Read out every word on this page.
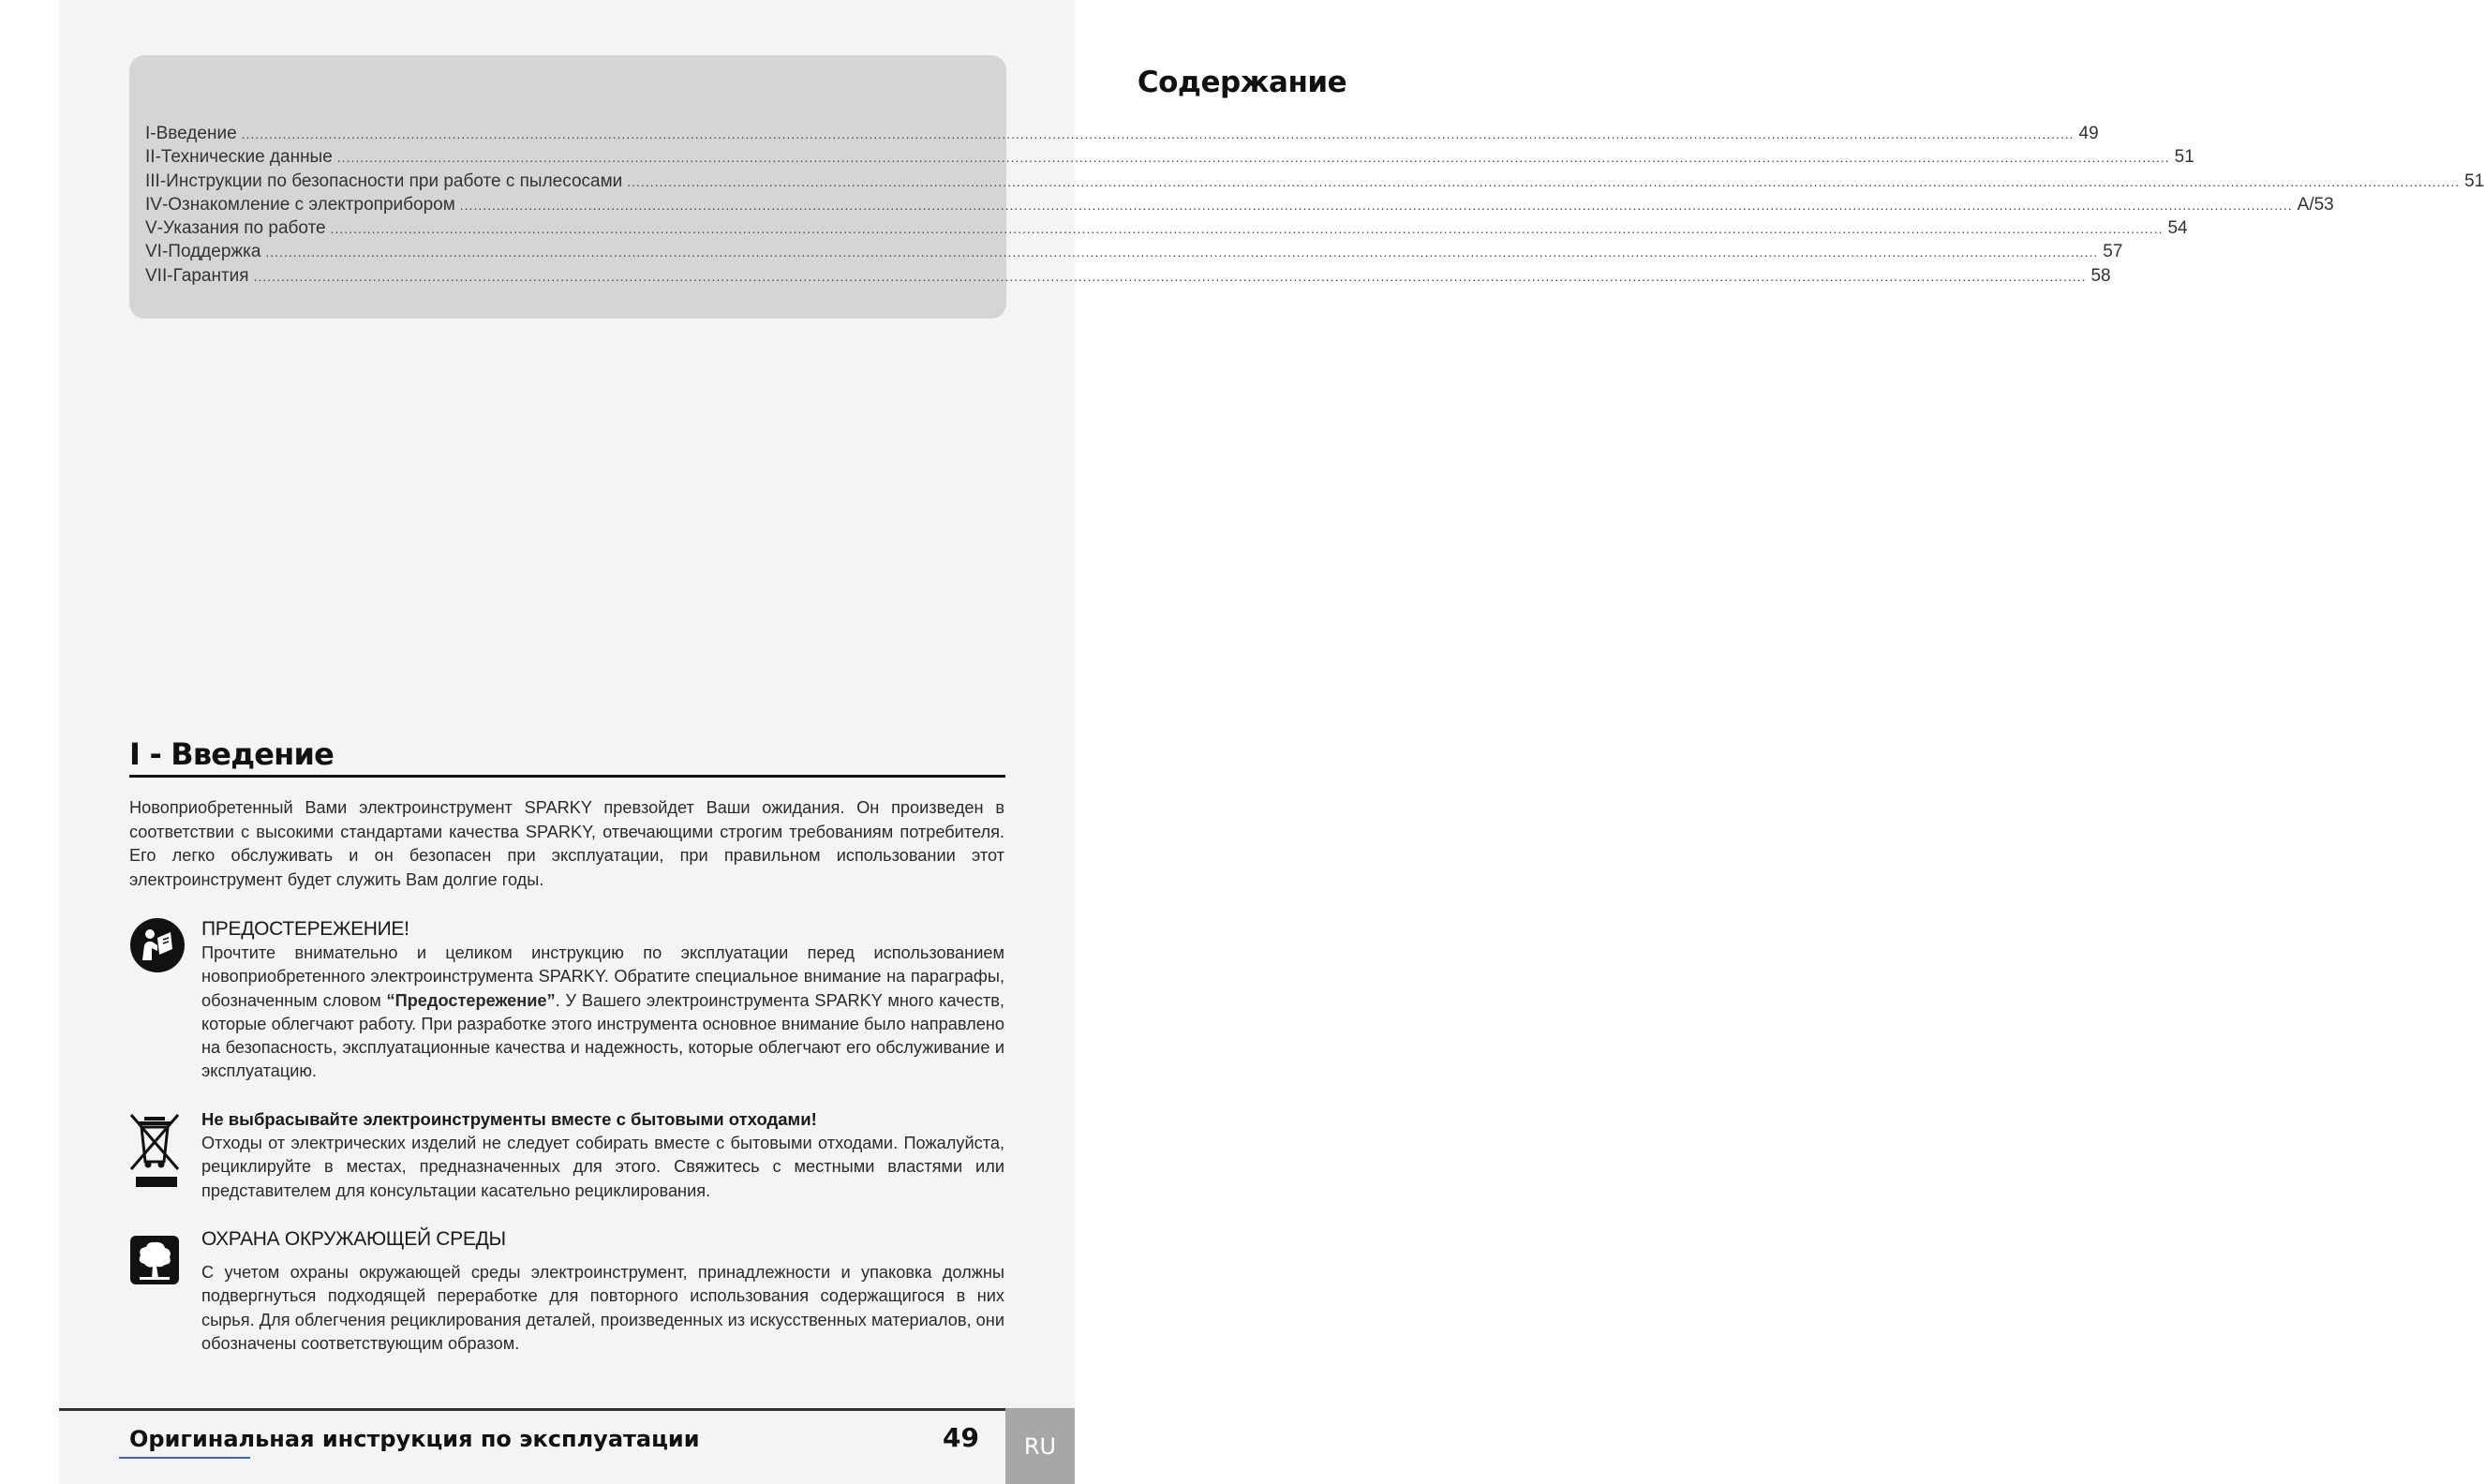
Содержание
I - Введение ................................................................................................................................................................................................................................................................................................................................................................................................................ 49
II - Технические данные ................................................................................................................................................................................................................................................................................................................................................................................................................ 51
III - Инструкции по безопасности при работе с пылесосами ................................................................................................................................................................................................................................................................................................................................................................................................................ 51
IV - Ознакомление с электроприбором ................................................................................................................................................................................................................................................................................................................................................................................................................ A/53
V - Указания по работе ................................................................................................................................................................................................................................................................................................................................................................................................................ 54
VI - Поддержка ................................................................................................................................................................................................................................................................................................................................................................................................................ 57
VII - Гарантия ................................................................................................................................................................................................................................................................................................................................................................................................................ 58
I - Введение
Новоприобретенный Вами электроинструмент SPARKY превзойдет Ваши ожидания. Он произведен в соответствии с высокими стандартами качества SPARKY, отвечающими строгим требованиям потребителя. Его легко обслуживать и он безопасен при эксплуатации, при правильном использовании этот электроинструмент будет служить Вам долгие годы.
ПРЕДОСТЕРЕЖЕНИЕ!
Прочтите внимательно и целиком инструкцию по эксплуатации перед использованием новоприобретенного электроинструмента SPARKY. Обратите специальное внимание на параграфы, обозначенным словом “Предостережение”. У Вашего электроинструмента SPARKY много качеств, которые облегчают работу. При разработке этого инструмента основное внимание было направлено на безопасность, эксплуатационные качества и надежность, которые облегчают его обслуживание и эксплуатацию.
Не выбрасывайте электроинструменты вместе с бытовыми отходами!
Отходы от электрических изделий не следует собирать вместе с бытовыми отходами. Пожалуйста, рециклируйте в местах, предназначенных для этого. Свяжитесь с местными властями или представителем для консультации касательно рециклирования.
ОХРАНА ОКРУЖАЮЩЕЙ СРЕДЫ
С учетом охраны окружающей среды электроинструмент, принадлежности и упаковка должны подвергнуться подходящей переработке для повторного использования содержащигося в них сырья. Для облегчения рециклирования деталей, произведенных из искусственных материалов, они обозначены соответствующим образом.
Оригинальная инструкция по эксплуатации	49	RU
